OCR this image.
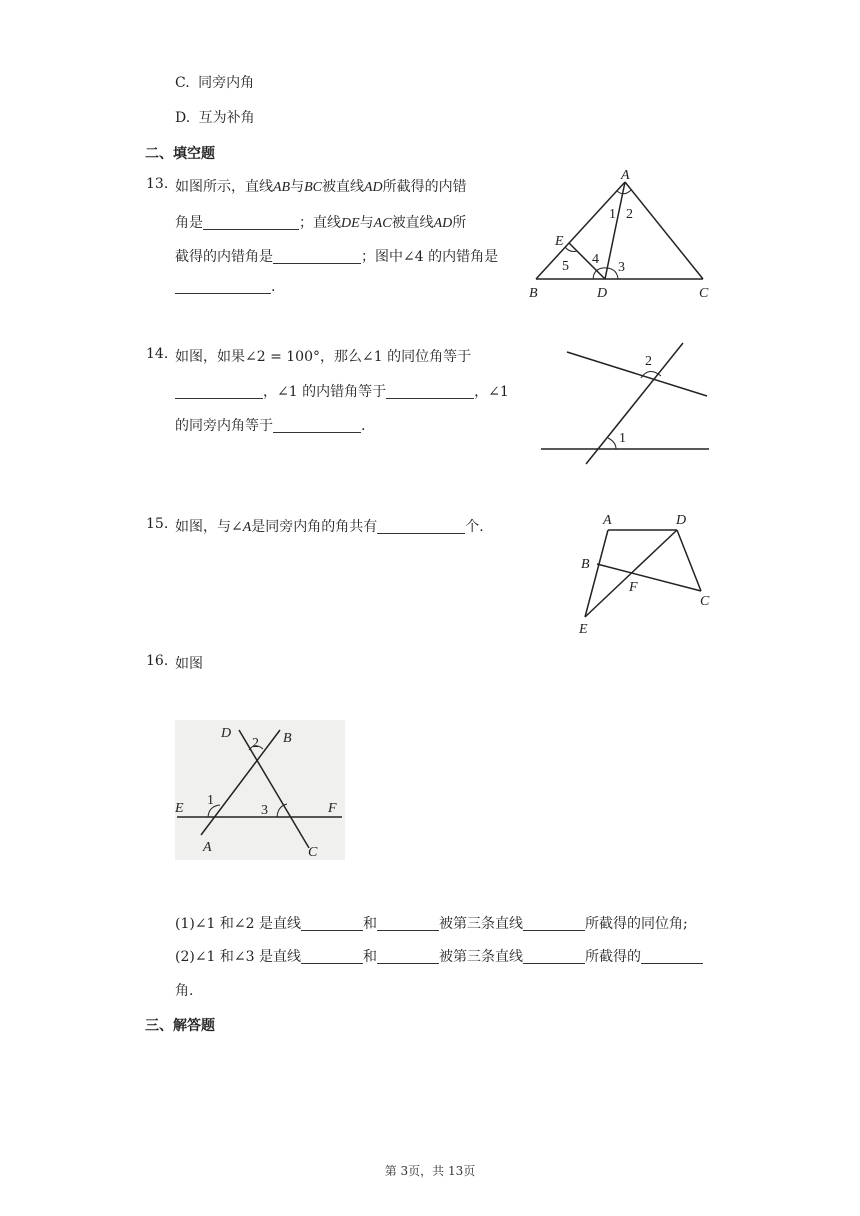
C. 同旁内角
D. 互为补角
二、填空题
13. 如图所示，直线AB与BC被直线AD所截得的内错
角是	；直线DE与AC被直线AD所
截得的内错角是	；图中∠4 的内错角是
.
A
B	C
D
E
1 2
3
4
5
14. 如图，如果∠2 = 100°，那么∠1 的同位角等于
，∠1 的内错角等于	，∠1
的同旁内角等于	.
2
1
15. 如图，与∠A是同旁内角的角共有	个.	A	D
B
F
C
E
16. 如图
D	B
2
E
1
3	F
A	C
(1)∠1 和∠2 是直线	和	被第三条直线	所截得的同位角;
(2)∠1 和∠3 是直线	和	被第三条直线	所截得的
角.
三、解答题
第 3页，共 13页
